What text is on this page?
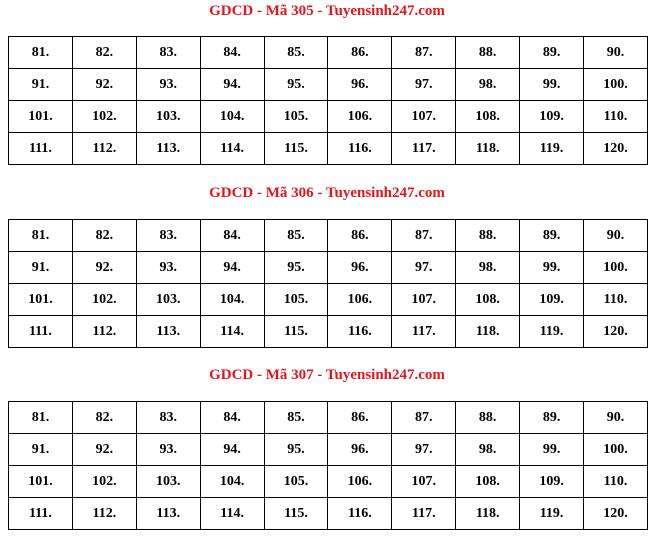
GDCD - Mã 305 - Tuyensinh247.com
81.	82.	83.	84.	85.	86.	87.	88.	89.	90.
91.	92.	93.	94.	95.	96.	97.	98.	99.	100.
101.	102.	103.	104.	105.	106.	107.	108.	109.	110.
111.	112.	113.	114.	115.	116.	117.	118.	119.	120.
GDCD - Mã 306 - Tuyensinh247.com
81.	82.	83.	84.	85.	86.	87.	88.	89.	90.
91.	92.	93.	94.	95.	96.	97.	98.	99.	100.
101.	102.	103.	104.	105.	106.	107.	108.	109.	110.
111.	112.	113.	114.	115.	116.	117.	118.	119.	120.
GDCD - Mã 307 - Tuyensinh247.com
81.	82.	83.	84.	85.	86.	87.	88.	89.	90.
91.	92.	93.	94.	95.	96.	97.	98.	99.	100.
101.	102.	103.	104.	105.	106.	107.	108.	109.	110.
111.	112.	113.	114.	115.	116.	117.	118.	119.	120.
